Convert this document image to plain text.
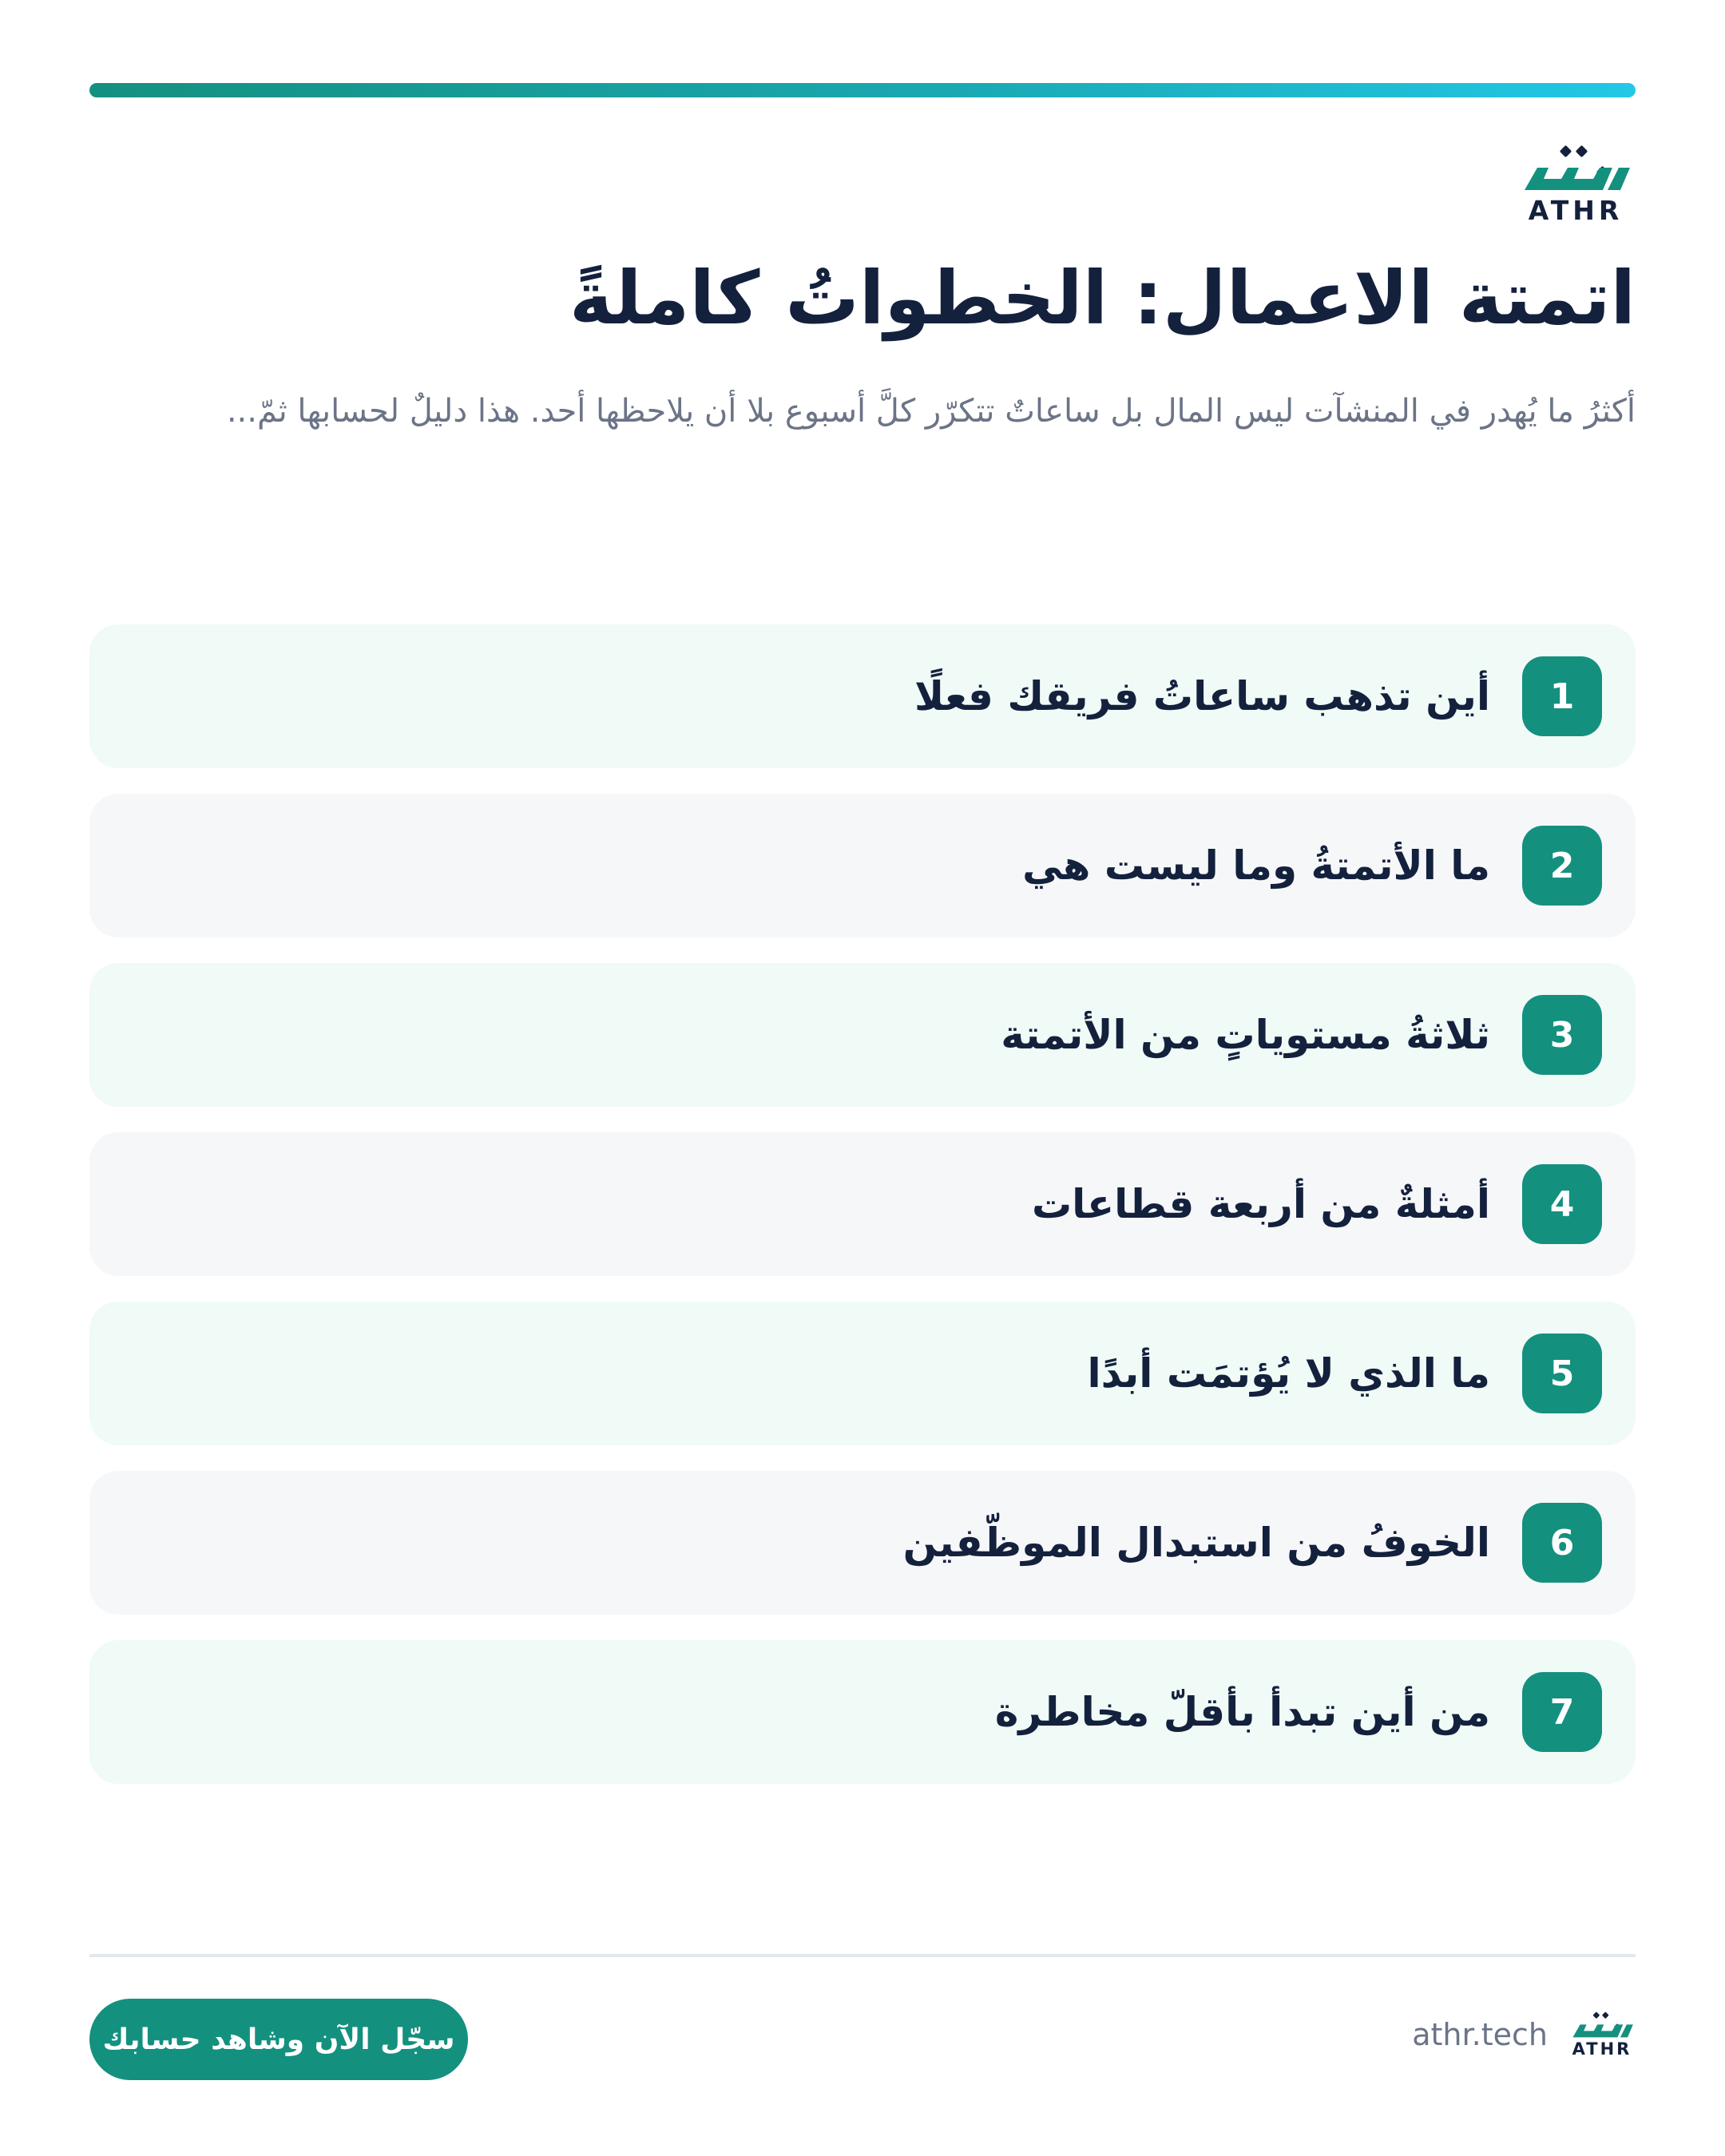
ATHR
اتمتة الاعمال: الخطواتُ كاملةً

أكثرُ ما يُهدر في المنشآت ليس المال بل ساعاتٌ تتكرّر كلَّ أسبوع بلا أن يلاحظها أحد. هذا دليلٌ لحسابها ثمّ...

1
أين تذهب ساعاتُ فريقك فعلًا
2
ما الأتمتةُ وما ليست هي
3
ثلاثةُ مستوياتٍ من الأتمتة
4
أمثلةٌ من أربعة قطاعات
5
ما الذي لا يُؤتمَت أبدًا
6
الخوفُ من استبدال الموظّفين
7
من أين تبدأ بأقلّ مخاطرة
سجّل الآن وشاهد حسابك	athr.tech ATHR
